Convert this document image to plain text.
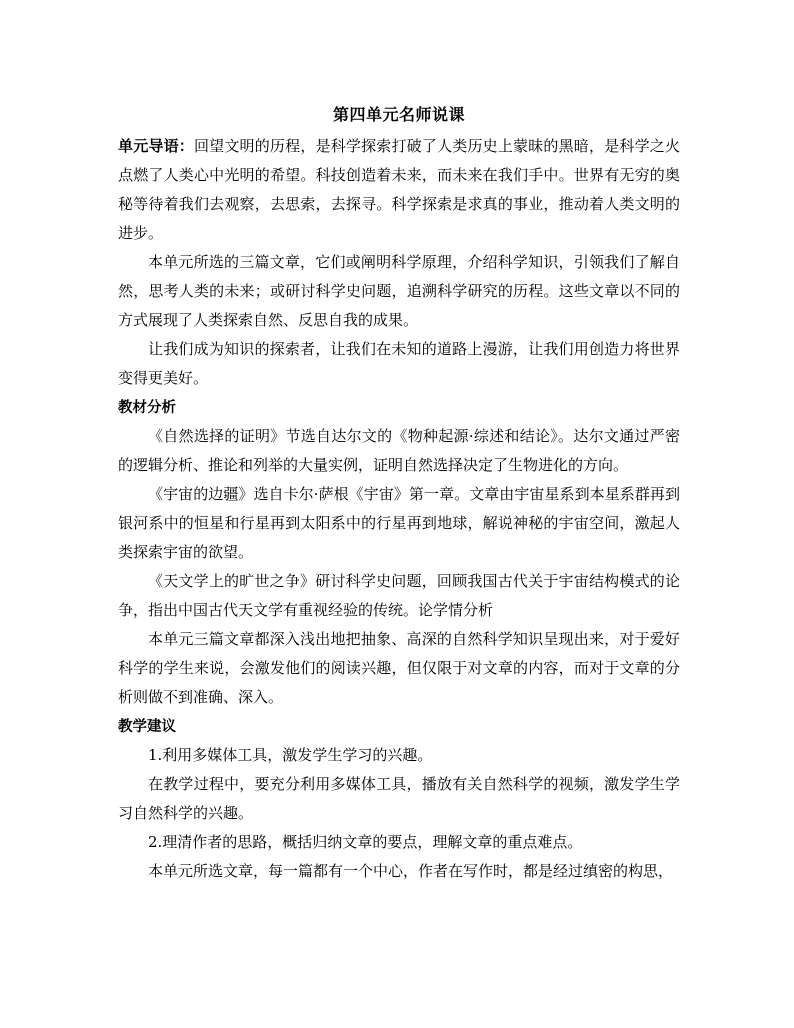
第四单元名师说课

单元导语：回望文明的历程，是科学探索打破了人类历史上蒙昧的黑暗，是科学之火点燃了人类心中光明的希望。科技创造着未来，而未来在我们手中。世界有无穷的奥秘等待着我们去观察，去思索，去探寻。科学探索是求真的事业，推动着人类文明的进步。

本单元所选的三篇文章，它们或阐明科学原理，介绍科学知识，引领我们了解自然，思考人类的未来；或研讨科学史问题，追溯科学研究的历程。这些文章以不同的方式展现了人类探索自然、反思自我的成果。

让我们成为知识的探索者，让我们在未知的道路上漫游，让我们用创造力将世界变得更美好。

教材分析

《自然选择的证明》节选自达尔文的《物种起源·综述和结论》。达尔文通过严密的逻辑分析、推论和列举的大量实例，证明自然选择决定了生物进化的方向。

《宇宙的边疆》选自卡尔·萨根《宇宙》第一章。文章由宇宙星系到本星系群再到银河系中的恒星和行星再到太阳系中的行星再到地球，解说神秘的宇宙空间，激起人类探索宇宙的欲望。

《天文学上的旷世之争》研讨科学史问题，回顾我国古代关于宇宙结构模式的论争，指出中国古代天文学有重视经验的传统。论学情分析

本单元三篇文章都深入浅出地把抽象、高深的自然科学知识呈现出来，对于爱好科学的学生来说，会激发他们的阅读兴趣，但仅限于对文章的内容，而对于文章的分析则做不到准确、深入。

教学建议

1.利用多媒体工具，激发学生学习的兴趣。

在教学过程中，要充分利用多媒体工具，播放有关自然科学的视频，激发学生学习自然科学的兴趣。

2.理清作者的思路，概括归纳文章的要点，理解文章的重点难点。

本单元所选文章，每一篇都有一个中心，作者在写作时，都是经过缜密的构思，
